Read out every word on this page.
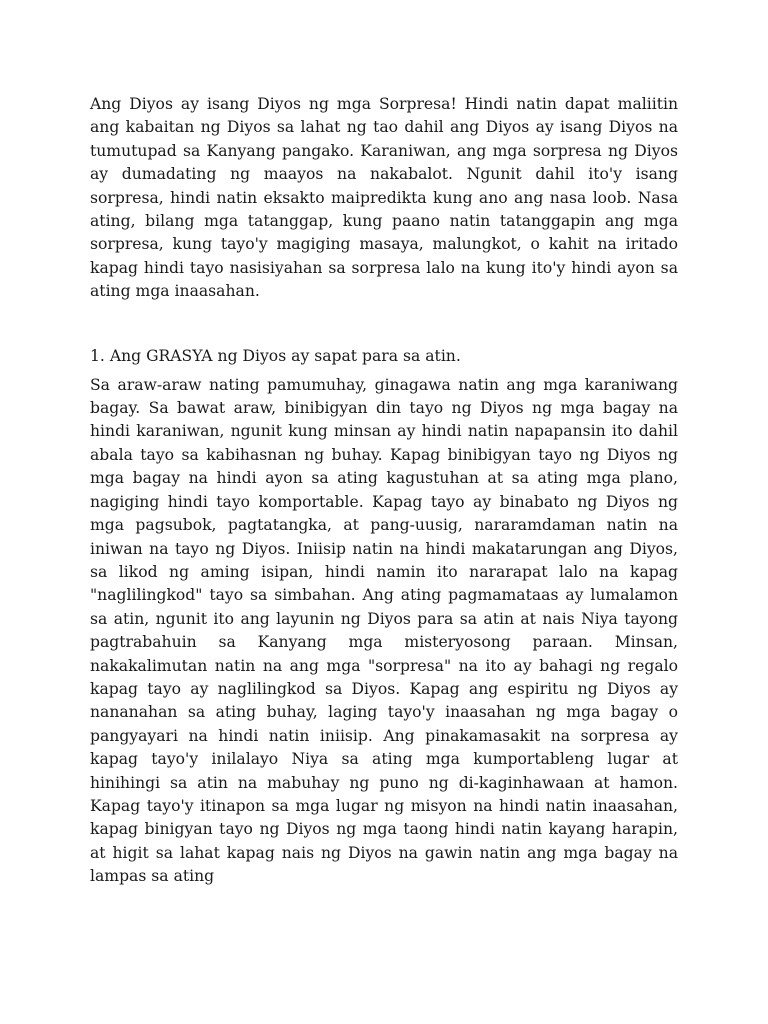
Ang Diyos ay isang Diyos ng mga Sorpresa! Hindi natin dapat maliitin ang kabaitan ng Diyos sa lahat ng tao dahil ang Diyos ay isang Diyos na tumutupad sa Kanyang pangako. Karaniwan, ang mga sorpresa ng Diyos ay dumadating ng maayos na nakabalot. Ngunit dahil ito'y isang sorpresa, hindi natin eksakto maipredikta kung ano ang nasa loob. Nasa ating, bilang mga tatanggap, kung paano natin tatanggapin ang mga sorpresa, kung tayo'y magiging masaya, malungkot, o kahit na iritado kapag hindi tayo nasisiyahan sa sorpresa lalo na kung ito'y hindi ayon sa ating mga inaasahan.

1. Ang GRASYA ng Diyos ay sapat para sa atin.

Sa araw-araw nating pamumuhay, ginagawa natin ang mga karaniwang bagay. Sa bawat araw, binibigyan din tayo ng Diyos ng mga bagay na hindi karaniwan, ngunit kung minsan ay hindi natin napapansin ito dahil abala tayo sa kabihasnan ng buhay. Kapag binibigyan tayo ng Diyos ng mga bagay na hindi ayon sa ating kagustuhan at sa ating mga plano, nagiging hindi tayo komportable. Kapag tayo ay binabato ng Diyos ng mga pagsubok, pagtatangka, at pang-uusig, nararamdaman natin na iniwan na tayo ng Diyos. Iniisip natin na hindi makatarungan ang Diyos, sa likod ng aming isipan, hindi namin ito nararapat lalo na kapag "naglilingkod" tayo sa simbahan. Ang ating pagmamataas ay lumalamon sa atin, ngunit ito ang layunin ng Diyos para sa atin at nais Niya tayong pagtrabahuin sa Kanyang mga misteryosong paraan. Minsan, nakakalimutan natin na ang mga "sorpresa" na ito ay bahagi ng regalo kapag tayo ay naglilingkod sa Diyos. Kapag ang espiritu ng Diyos ay nananahan sa ating buhay, laging tayo'y inaasahan ng mga bagay o pangyayari na hindi natin iniisip. Ang pinakamasakit na sorpresa ay kapag tayo'y inilalayo Niya sa ating mga kumportableng lugar at hinihingi sa atin na mabuhay ng puno ng di-kaginhawaan at hamon. Kapag tayo'y itinapon sa mga lugar ng misyon na hindi natin inaasahan, kapag binigyan tayo ng Diyos ng mga taong hindi natin kayang harapin, at higit sa lahat kapag nais ng Diyos na gawin natin ang mga bagay na lampas sa ating
